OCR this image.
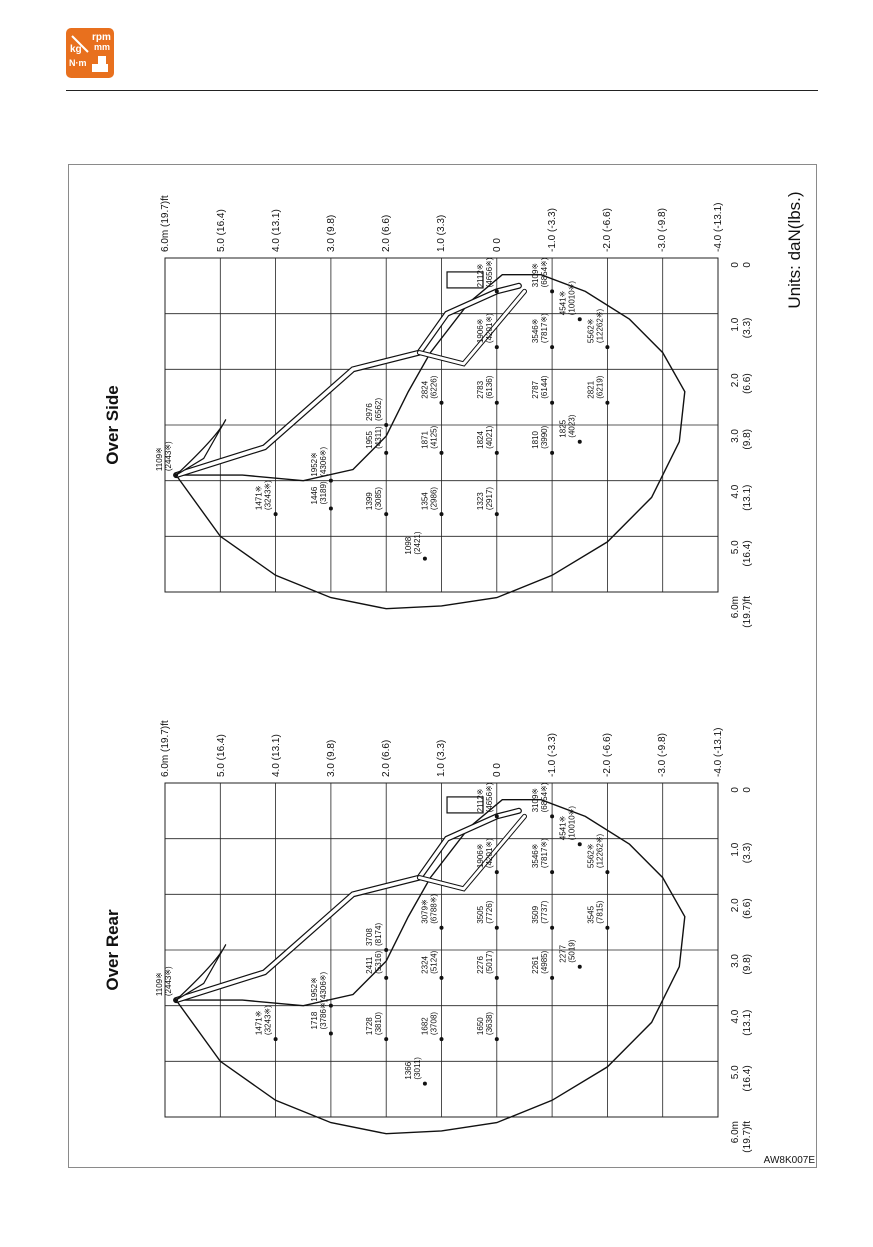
rpm
kg mm
N·m
AW8K007E
6.0m (19.7)ft	5.0 (16.4)	4.0 (13.1)	3.0 (9.8)	2.0 (6.6)	1.0 (3.3)	0 0	-1.0 (-3.3)	-2.0 (-6.6)	-3.0 (-9.8)	-4.0 (-13.1)
6.0m (19.7)ft
5.0 (16.4)
4.0 (13.1)
3.0 (9.8)
2.0 (6.6)
1.0 (3.3)
0 0
Over Rear	1109※ (2443※)
1471※ (3243※)	1718 (3786※)
1952※ (4306※)
1728 (3810)
2411 (5316)
3708 (8174)
1366 (3011)
1682 (3708)
2324 (5124)
3079※ (6788※)
1650 (3638)
2276 (5017)
3505 (7726)
1906※ (4201※)
2112※ (4656※)
2261 (4985)
3509 (7737)
3546※ (7817※)
3109※ (6854※)
2277 (5019)
4541※ (10010※)
3545 (7815)
5562※ (12262※)
6.0m (19.7)ft	5.0 (16.4)	4.0 (13.1)	3.0 (9.8)	2.0 (6.6)	1.0 (3.3)	0 0	-1.0 (-3.3)	-2.0 (-6.6)	-3.0 (-9.8)	-4.0 (-13.1)
6.0m (19.7)ft
5.0 (16.4)
4.0 (13.1)
3.0 (9.8)
2.0 (6.6)
1.0 (3.3)
0 0
Over Side	1109※ (2443※)
1471※ (3243※)	1446 (3189)
1952※ (4306※)
1955 (4311)
2976 (6562)
1098 (2421)
1399 (3085)	1354 (2986)
1871 (4125)
2824 (6226)
1323 (2917)
1824 (4021)
2783 (6136)
1906※ (4201※)
2112※ (4656※)
1810 (3990)
2787 (6144)
3546※ (7817※)
3109※ (6854※)
1825 (4023)
4541※ (10010※)
2821 (6219)
5562※ (12262※)
Units: daN(lbs.)
